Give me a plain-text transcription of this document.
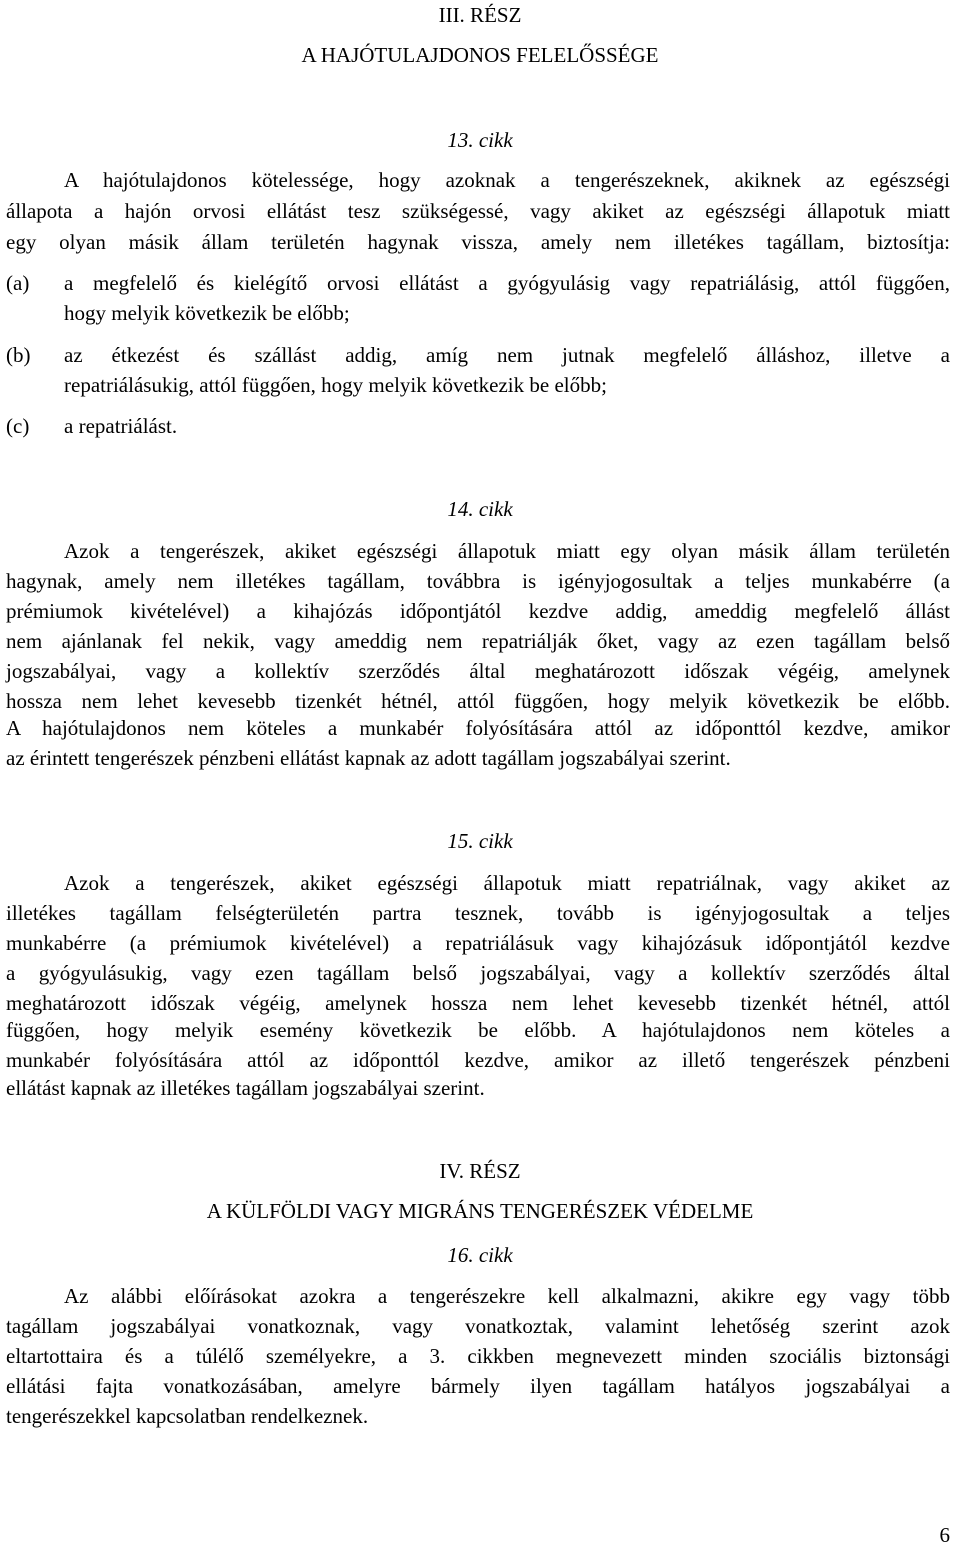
III. RÉSZ
A HAJÓTULAJDONOS FELELŐSSÉGE
13. cikk
A hajótulajdonos kötelessége, hogy azoknak a tengerészeknek, akiknek az egészségi
állapota a hajón orvosi ellátást tesz szükségessé, vagy akiket az egészségi állapotuk miatt
egy olyan másik állam területén hagynak vissza, amely nem illetékes tagállam, biztosítja:
(a) a megfelelő és kielégítő orvosi ellátást a gyógyulásig vagy repatriálásig, attól függően,
hogy melyik következik be előbb;
(b) az étkezést és szállást addig, amíg nem jutnak megfelelő álláshoz, illetve a
repatriálásukig, attól függően, hogy melyik következik be előbb;
(c) a repatriálást.
14. cikk
Azok a tengerészek, akiket egészségi állapotuk miatt egy olyan másik állam területén
hagynak, amely nem illetékes tagállam, továbbra is igényjogosultak a teljes munkabérre (a
prémiumok kivételével) a kihajózás időpontjától kezdve addig, ameddig megfelelő állást
nem ajánlanak fel nekik, vagy ameddig nem repatriálják őket, vagy az ezen tagállam belső
jogszabályai, vagy a kollektív szerződés által meghatározott időszak végéig, amelynek
hossza nem lehet kevesebb tizenkét hétnél, attól függően, hogy melyik következik be előbb.
A hajótulajdonos nem köteles a munkabér folyósítására attól az időponttól kezdve, amikor
az érintett tengerészek pénzbeni ellátást kapnak az adott tagállam jogszabályai szerint.
15. cikk
Azok a tengerészek, akiket egészségi állapotuk miatt repatriálnak, vagy akiket az
illetékes tagállam felségterületén partra tesznek, tovább is igényjogosultak a teljes
munkabérre (a prémiumok kivételével) a repatriálásuk vagy kihajózásuk időpontjától kezdve
a gyógyulásukig, vagy ezen tagállam belső jogszabályai, vagy a kollektív szerződés által
meghatározott időszak végéig, amelynek hossza nem lehet kevesebb tizenkét hétnél, attól
függően, hogy melyik esemény következik be előbb. A hajótulajdonos nem köteles a
munkabér folyósítására attól az időponttól kezdve, amikor az illető tengerészek pénzbeni
ellátást kapnak az illetékes tagállam jogszabályai szerint.
IV. RÉSZ
A KÜLFÖLDI VAGY MIGRÁNS TENGERÉSZEK VÉDELME
16. cikk
Az alábbi előírásokat azokra a tengerészekre kell alkalmazni, akikre egy vagy több
tagállam jogszabályai vonatkoznak, vagy vonatkoztak, valamint lehetőség szerint azok
eltartottaira és a túlélő személyekre, a 3. cikkben megnevezett minden szociális biztonsági
ellátási fajta vonatkozásában, amelyre bármely ilyen tagállam hatályos jogszabályai a
tengerészekkel kapcsolatban rendelkeznek.
6
